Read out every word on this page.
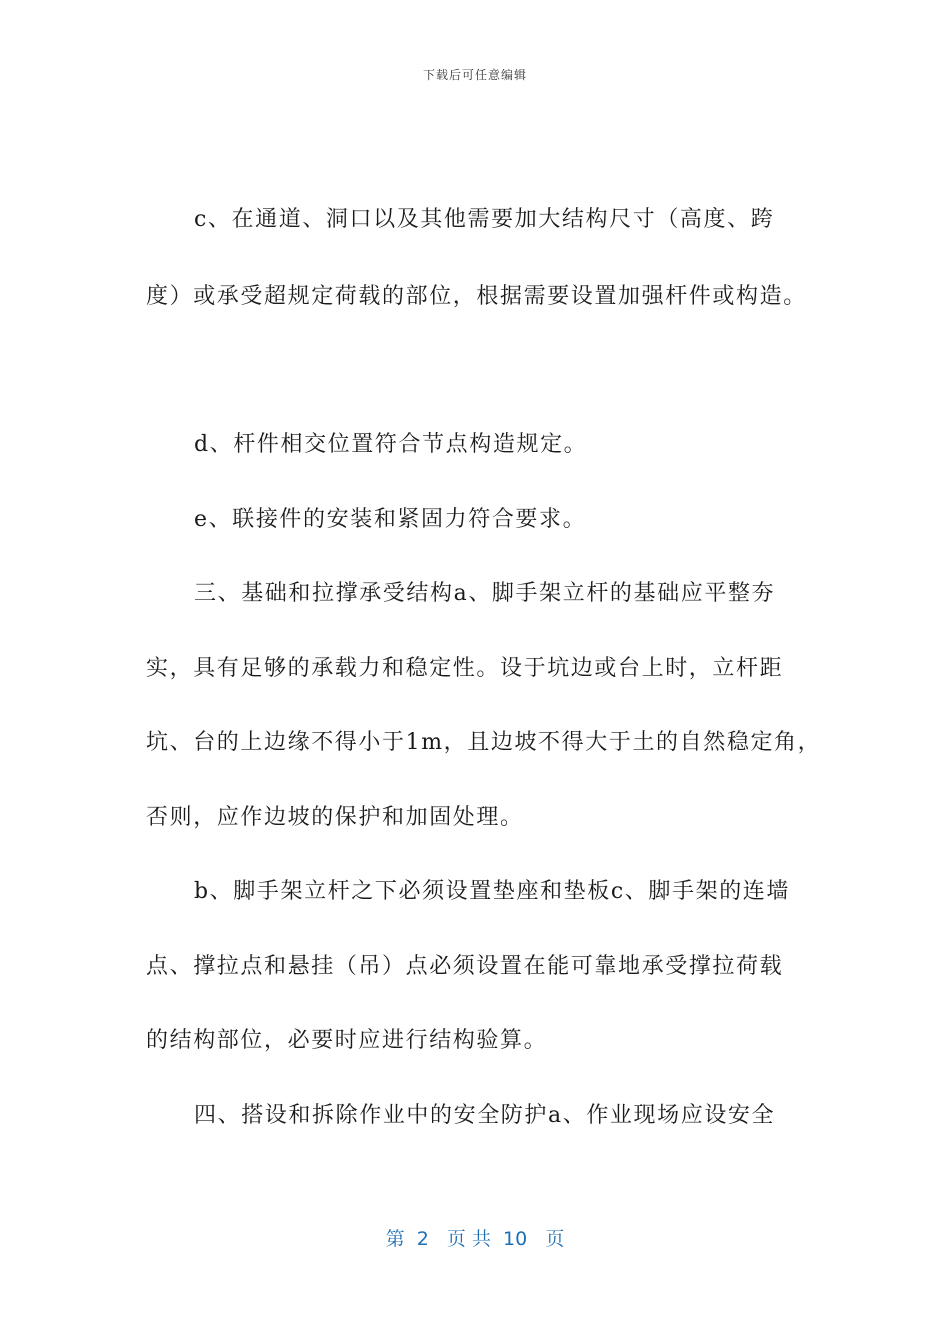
下载后可任意编辑
c、在通道、洞口以及其他需要加大结构尺寸（高度、跨
度）或承受超规定荷载的部位，根据需要设置加强杆件或构造。
d、杆件相交位置符合节点构造规定。
e、联接件的安装和紧固力符合要求。
三、基础和拉撑承受结构a、脚手架立杆的基础应平整夯
实，具有足够的承载力和稳定性。设于坑边或台上时，立杆距
坑、台的上边缘不得小于1m，且边坡不得大于土的自然稳定角，
否则，应作边坡的保护和加固处理。
b、脚手架立杆之下必须设置垫座和垫板c、脚手架的连墙
点、撑拉点和悬挂（吊）点必须设置在能可靠地承受撑拉荷载
的结构部位，必要时应进行结构验算。
四、搭设和拆除作业中的安全防护a、作业现场应设安全
第  2   页 共  10   页
